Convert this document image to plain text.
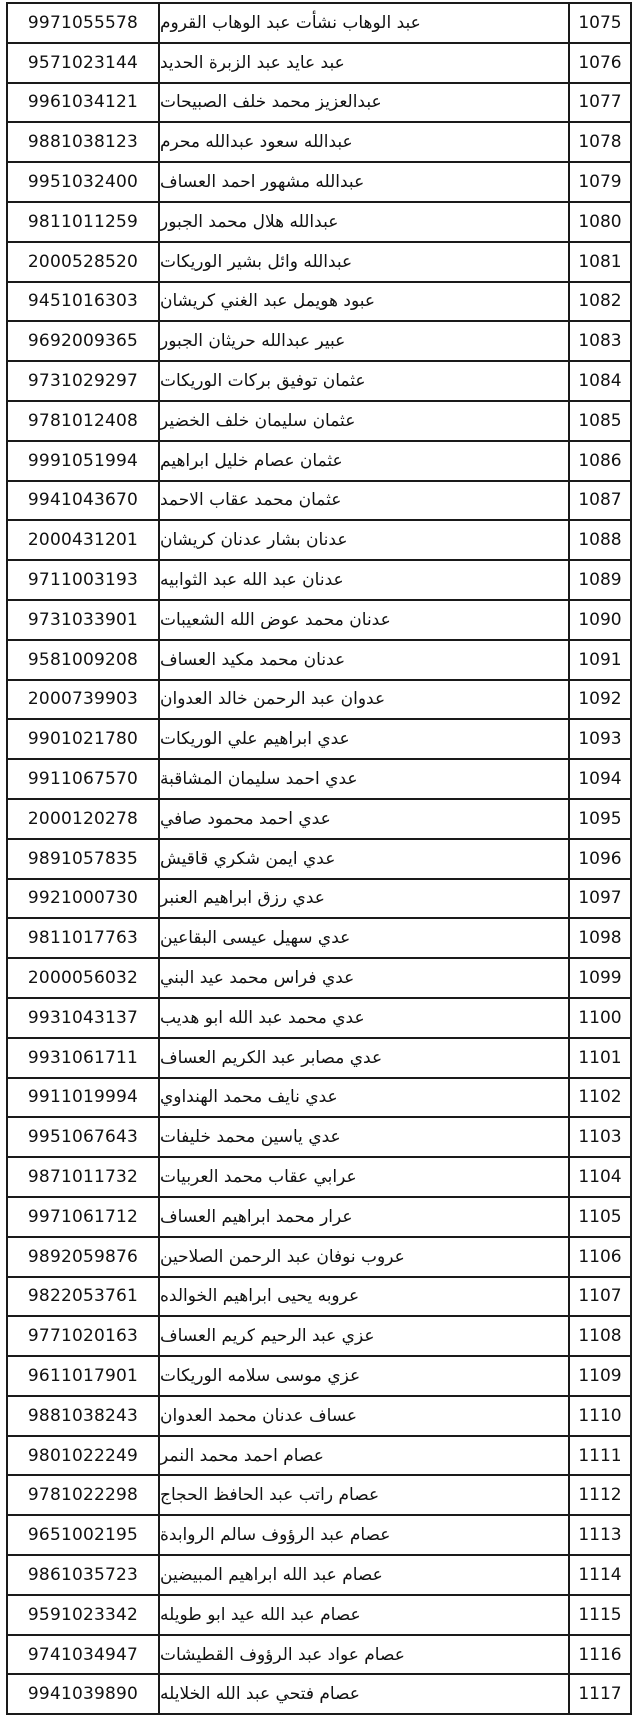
9971055578	عبد الوهاب نشأت عبد الوهاب القروم	1075
9571023144	عبد عايد عبد الزبرة الحديد	1076
9961034121	عبدالعزيز محمد خلف الصبيحات	1077
9881038123	عبدالله سعود عبدالله محرم	1078
9951032400	عبدالله مشهور احمد العساف	1079
9811011259	عبدالله هلال محمد الجبور	1080
2000528520	عبدالله وائل بشير الوريكات	1081
9451016303	عبود هويمل عبد الغني كريشان	1082
9692009365	عبير عبدالله حريثان الجبور	1083
9731029297	عثمان توفيق بركات الوريكات	1084
9781012408	عثمان سليمان خلف الخضير	1085
9991051994	عثمان عصام خليل ابراهيم	1086
9941043670	عثمان محمد عقاب الاحمد	1087
2000431201	عدنان بشار عدنان كريشان	1088
9711003193	عدنان عبد الله عبد الثوابيه	1089
9731033901	عدنان محمد عوض الله الشعيبات	1090
9581009208	عدنان محمد مكيد العساف	1091
2000739903	عدوان عبد الرحمن خالد العدوان	1092
9901021780	عدي ابراهيم علي الوريكات	1093
9911067570	عدي احمد سليمان المشاقبة	1094
2000120278	عدي احمد محمود صافي	1095
9891057835	عدي ايمن شكري قاقيش	1096
9921000730	عدي رزق ابراهيم العنبر	1097
9811017763	عدي سهيل عيسى البقاعين	1098
2000056032	عدي فراس محمد عيد البني	1099
9931043137	عدي محمد عبد الله ابو هديب	1100
9931061711	عدي مصابر عبد الكريم العساف	1101
9911019994	عدي نايف محمد الهنداوي	1102
9951067643	عدي ياسين محمد خليفات	1103
9871011732	عرابي عقاب محمد العربيات	1104
9971061712	عرار محمد ابراهيم العساف	1105
9892059876	عروب نوفان عبد الرحمن الصلاحين	1106
9822053761	عروبه يحيى ابراهيم الخوالده	1107
9771020163	عزي عبد الرحيم كريم العساف	1108
9611017901	عزي موسى سلامه الوريكات	1109
9881038243	عساف عدنان محمد العدوان	1110
9801022249	عصام احمد محمد النمر	1111
9781022298	عصام راتب عبد الحافظ الحجاج	1112
9651002195	عصام عبد الرؤوف سالم الروابدة	1113
9861035723	عصام عبد الله ابراهيم المبيضين	1114
9591023342	عصام عبد الله عيد ابو طويله	1115
9741034947	عصام عواد عبد الرؤوف القطيشات	1116
9941039890	عصام فتحي عبد الله الخلايله	1117
